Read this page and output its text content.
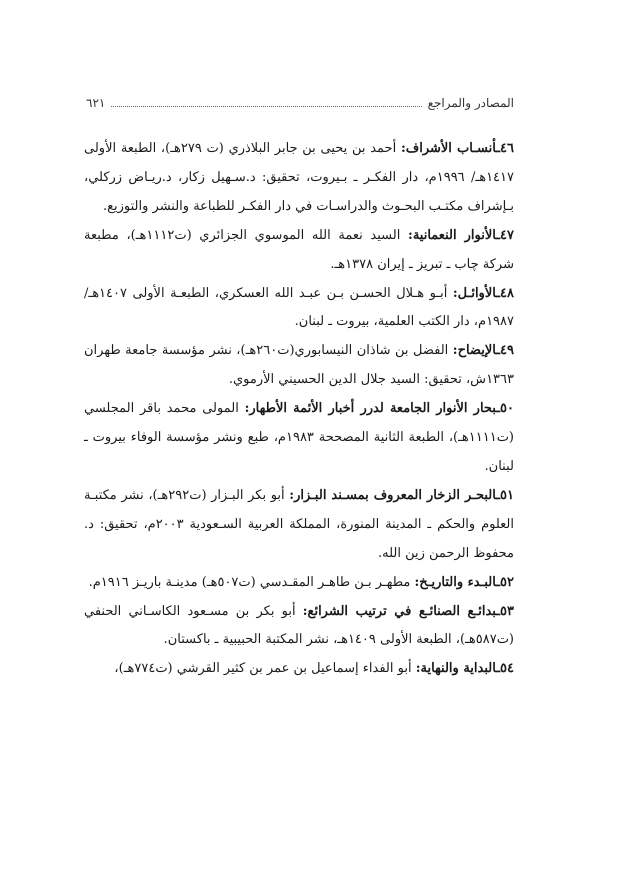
المصادر والمراجع
٦٢١

٤٦ـأنسـاب الأشراف: أحمد بن يحيى بن جابر البلاذري (ت ٢٧٩هـ)، الطبعة الأولى ١٤١٧هـ/ ١٩٩٦م، دار الفكـر ـ بـيروت، تحقيق: د.سـهيل زكار، د.ريـاض زركلي، بـإشراف مكتـب البحـوث والدراسـات في دار الفكـر للطباعة والنشر والتوزيع.

٤٧ـالأنوار النعمانية: السيد نعمة الله الموسوي الجزائري (ت١١١٢هـ)، مطبعة شركة چاب ـ تبريز ـ إيران ١٣٧٨هـ.

٤٨ـالأوائـل: أبـو هـلال الحسـن بـن عبـد الله العسكري، الطبعـة الأولى ١٤٠٧هـ/ ١٩٨٧م، دار الكتب العلمية، بيروت ـ لبنان.

٤٩ـالإيضاح: الفضل بن شاذان النيسابوري(ت٢٦٠هـ)، نشر مؤسسة جامعة طهران ١٣٦٣ش، تحقيق: السيد جلال الدين الحسيني الأرموي.

٥٠ـبحار الأنوار الجامعة لدرر أخبار الأئمة الأطهار: المولى محمد باقر المجلسي (ت١١١١هـ)، الطبعة الثانية المصححة ١٩٨٣م، طبع ونشر مؤسسة الوفاء بيروت ـ لبنان.

٥١ـالبحـر الزخار المعروف بمسـند البـزار: أبو بكر البـزار (ت٢٩٢هـ)، نشر مكتبـة العلوم والحكم ـ المدينة المنورة، المملكة العربية السـعودية ٢٠٠٣م، تحقيق: د. محفوظ الرحمن زين الله.

٥٢ـالبـدء والتاريـخ: مطهـر بـن طاهـر المقـدسي (ت٥٠٧هـ) مدينـة باريـز ١٩١٦م.

٥٣ـبدائـع الصنائـع في ترتيب الشرائع: أبو بكر بن مسـعود الكاسـاني الحنفي (ت٥٨٧هـ)، الطبعة الأولى ١٤٠٩هـ، نشر المكتبة الحبيبية ـ باكستان.

٥٤ـالبداية والنهاية: أبو الفداء إسماعيل بن عمر بن كثير القرشي (ت٧٧٤هـ)،
